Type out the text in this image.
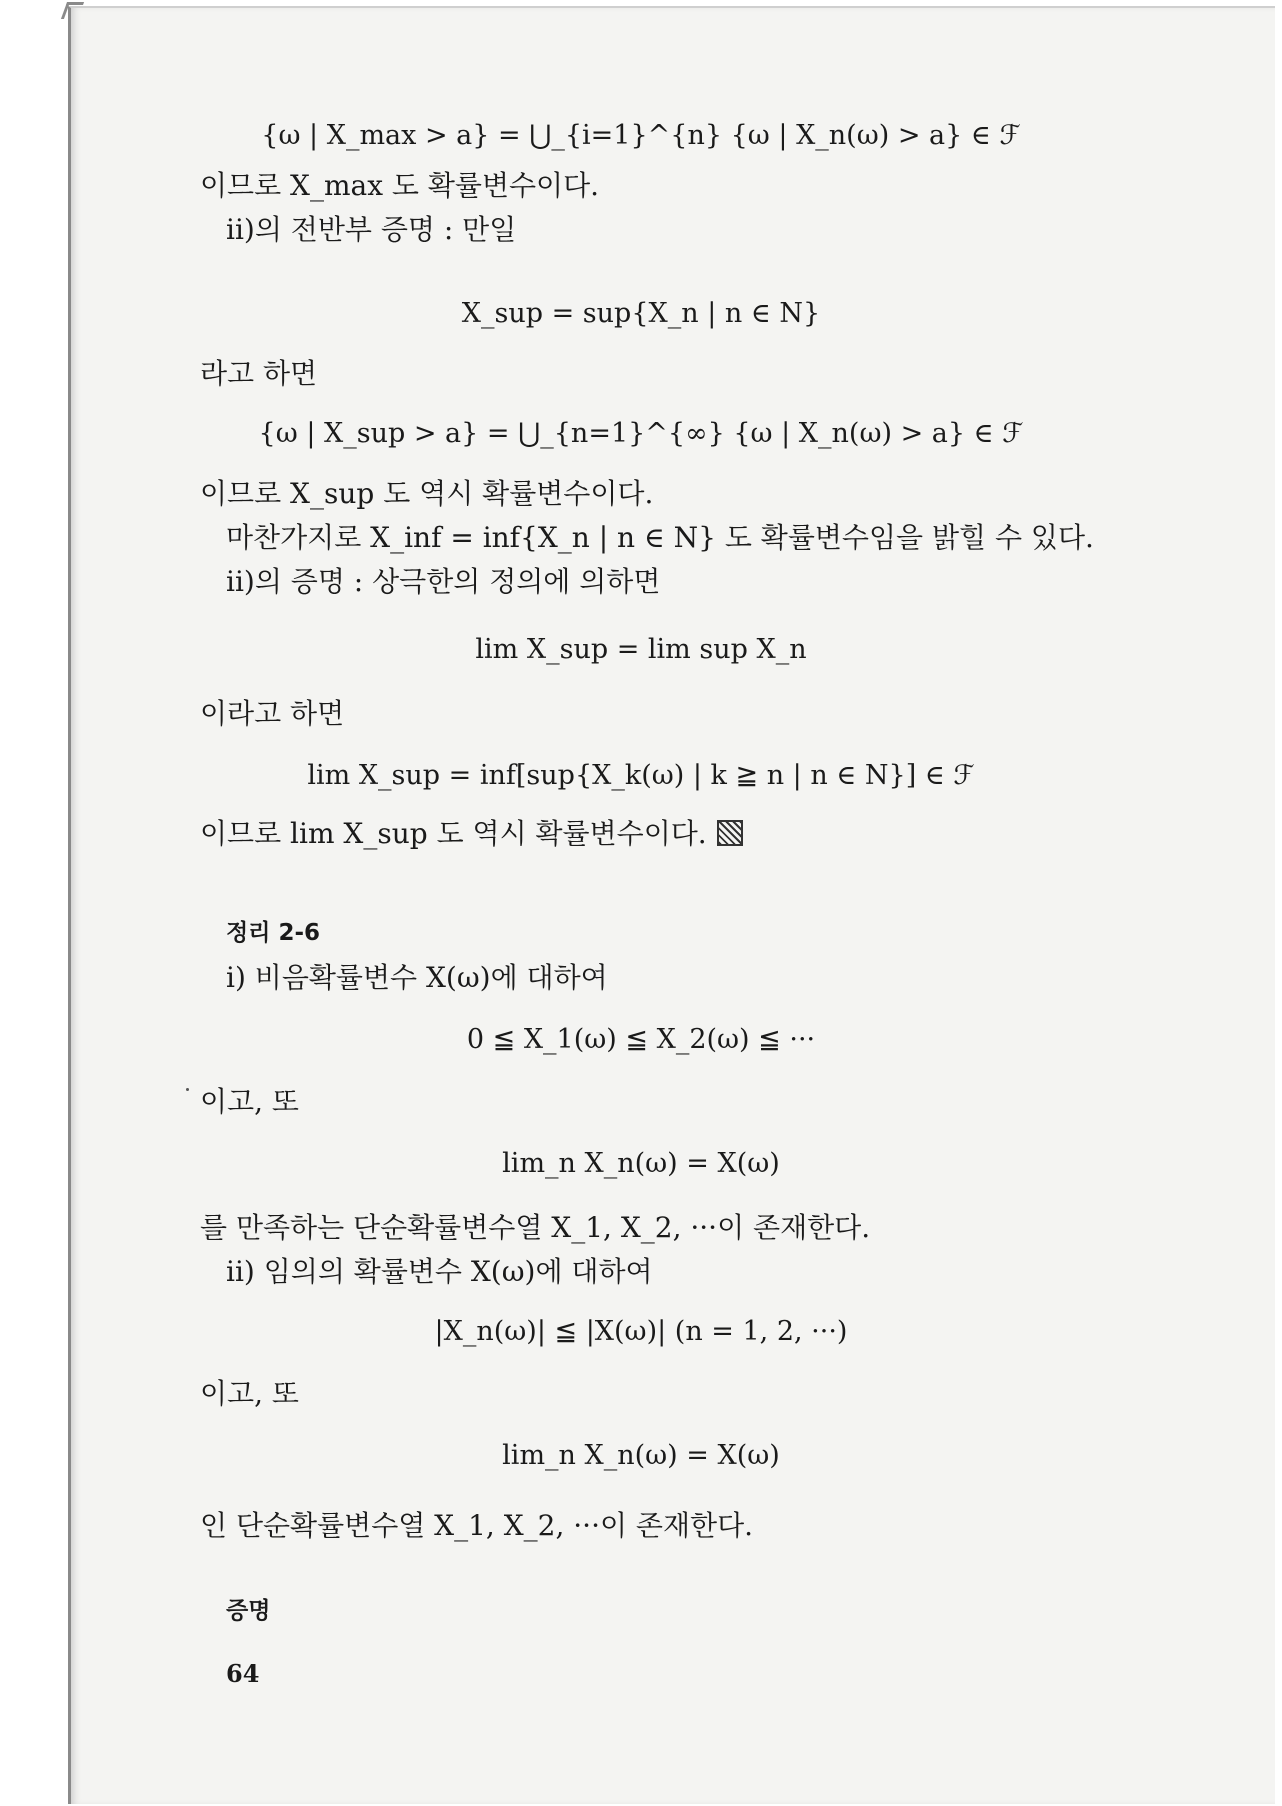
{ω | X_max > a} = ⋃_{i=1}^{n} {ω | X_n(ω) > a} ∈ ℱ
이므로 X_max 도 확률변수이다.
ii)의 전반부 증명 : 만일
X_sup = sup{X_n | n ∈ N}
라고 하면
{ω | X_sup > a} = ⋃_{n=1}^{∞} {ω | X_n(ω) > a} ∈ ℱ
이므로 X_sup 도 역시 확률변수이다.
마찬가지로 X_inf = inf{X_n | n ∈ N} 도 확률변수임을 밝힐 수 있다.
ii)의 증명 : 상극한의 정의에 의하면
lim X_sup = lim sup X_n
이라고 하면
lim X_sup = inf[sup{X_k(ω) | k ≧ n | n ∈ N}] ∈ ℱ
이므로 lim X_sup 도 역시 확률변수이다.
정리 2-6
i) 비음확률변수 X(ω)에 대하여
0 ≦ X_1(ω) ≦ X_2(ω) ≦ ···
이고, 또
lim_n X_n(ω) = X(ω)
를 만족하는 단순확률변수열 X_1, X_2, ···이 존재한다.
ii) 임의의 확률변수 X(ω)에 대하여
|X_n(ω)| ≦ |X(ω)| (n = 1, 2, ···)
이고, 또
lim_n X_n(ω) = X(ω)
인 단순확률변수열 X_1, X_2, ···이 존재한다.
증명
64
